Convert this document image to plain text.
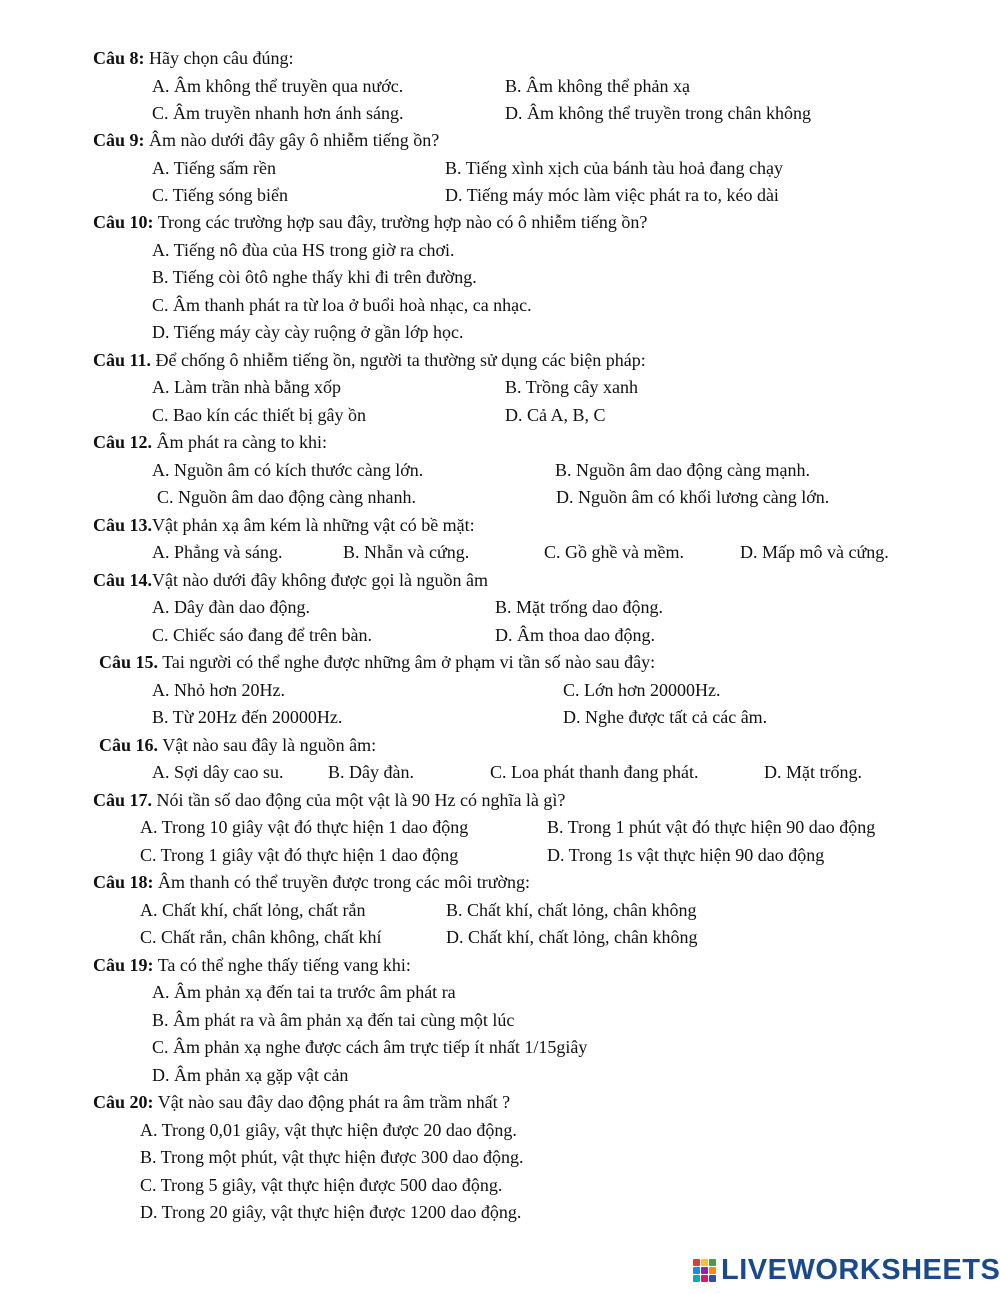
Câu 8: Hãy chọn câu đúng:
A. Âm không thể truyền qua nước.	B. Âm không thể phản xạ
C. Âm truyền nhanh hơn ánh sáng.	D. Âm không thể truyền trong chân không
Câu 9: Âm nào dưới đây gây ô nhiễm tiếng ồn?
A. Tiếng sấm rền	B. Tiếng xình xịch của bánh tàu hoả đang chạy
C. Tiếng sóng biển	D. Tiếng máy móc làm việc phát ra to, kéo dài
Câu 10: Trong các trường hợp sau đây, trường hợp nào có ô nhiễm tiếng ồn?
A. Tiếng nô đùa của HS trong giờ ra chơi.
B. Tiếng còi ôtô nghe thấy khi đi trên đường.
C. Âm thanh phát ra từ loa ở buổi hoà nhạc, ca nhạc.
D. Tiếng máy cày cày ruộng ở gần lớp học.
Câu 11. Để chống ô nhiễm tiếng ồn, người ta thường sử dụng các biện pháp:
A. Làm trần nhà bằng xốp	B. Trồng cây xanh
C. Bao kín các thiết bị gây ồn	D. Cả A, B, C
Câu 12. Âm phát ra càng to khi:
A. Nguồn âm có kích thước càng lớn.	B. Nguồn âm dao động càng mạnh.
C. Nguồn âm dao động càng nhanh.	D. Nguồn âm có khối lương càng lớn.
Câu 13.Vật phản xạ âm kém là những vật có bề mặt:
A. Phẳng và sáng.	B. Nhẵn và cứng.	C. Gồ ghề và mềm.	D. Mấp mô và cứng.
Câu 14.Vật nào dưới đây không được gọi là nguồn âm
A. Dây đàn dao động.	B. Mặt trống dao động.
C. Chiếc sáo đang để trên bàn.	D. Âm thoa dao động.
Câu 15. Tai người có thể nghe được những âm ở phạm vi tần số nào sau đây:
A. Nhỏ hơn 20Hz.	C. Lớn hơn 20000Hz.
B. Từ 20Hz đến 20000Hz.	D. Nghe được tất cả các âm.
Câu 16. Vật nào sau đây là nguồn âm:
A. Sợi dây cao su. B. Dây đàn.	C. Loa phát thanh đang phát.	D. Mặt trống.
Câu 17. Nói tần số dao động của một vật là 90 Hz có nghĩa là gì?
A. Trong 10 giây vật đó thực hiện 1 dao động	B. Trong 1 phút vật đó thực hiện 90 dao động
C. Trong 1 giây vật đó thực hiện 1 dao động	D. Trong 1s vật thực hiện 90 dao động
Câu 18: Âm thanh có thể truyền được trong các môi trường:
A. Chất khí, chất lỏng, chất rắn	B. Chất khí, chất lỏng, chân không
C. Chất rắn, chân không, chất khí	D. Chất khí, chất lỏng, chân không
Câu 19: Ta có thể nghe thấy tiếng vang khi:
A. Âm phản xạ đến tai ta trước âm phát ra
B. Âm phát ra và âm phản xạ đến tai cùng một lúc
C. Âm phản xạ nghe được cách âm trực tiếp ít nhất 1/15giây
D. Âm phản xạ gặp vật cản
Câu 20: Vật nào sau đây dao động phát ra âm trầm nhất ?
A. Trong 0,01 giây, vật thực hiện được 20 dao động.
B. Trong một phút, vật thực hiện được 300 dao động.
C. Trong 5 giây, vật thực hiện được 500 dao động.
D. Trong 20 giây, vật thực hiện được 1200 dao động.
LIVEWORKSHEETS
